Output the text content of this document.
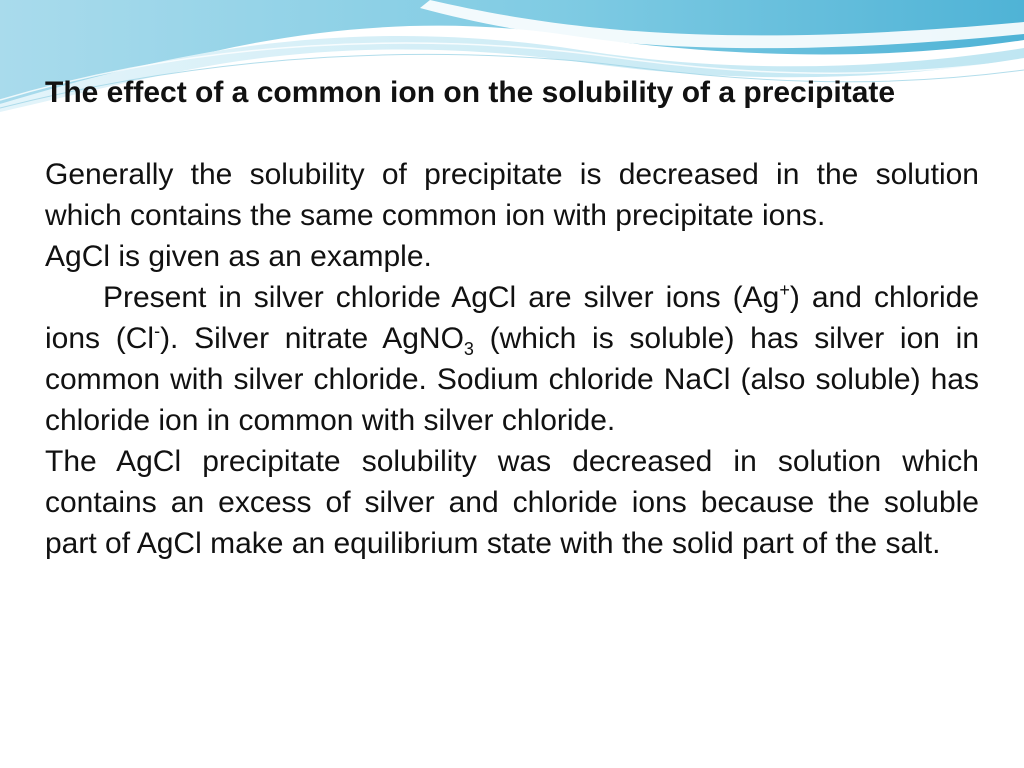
The effect of a common ion on the solubility of a precipitate

Generally the solubility of precipitate is decreased in the solution which contains the same common ion with precipitate ions.

AgCl is given as an example.

Present in silver chloride AgCl are silver ions (Ag+) and chloride ions (Cl-). Silver nitrate AgNO$_3$ (which is soluble) has silver ion in common with silver chloride. Sodium chloride NaCl (also soluble) has chloride ion in common with silver chloride.

The AgCl precipitate solubility was decreased in solution which contains an excess of silver and chloride ions because the soluble part of AgCl make an equilibrium state with the solid part of the salt.
